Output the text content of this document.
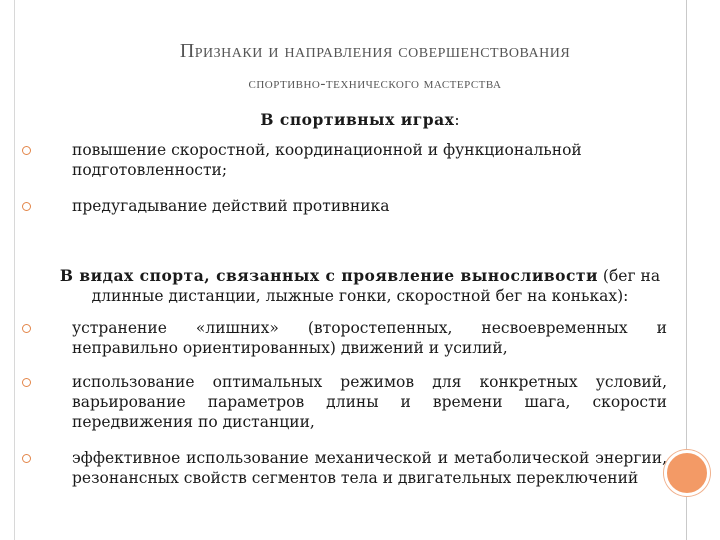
Признаки и направления совершенствования
спортивно-технического мастерства
В спортивных играх:
повышение скоростной, координационной и функциональной подготовленности;
предугадывание действий противника
В видах спорта, связанных с проявление выносливости (бег на длинные дистанции, лыжные гонки, скоростной бег на коньках):
устранение «лишних» (второстепенных, несвоевременных и неправильно ориентированных) движений и усилий,
использование оптимальных режимов для конкретных условий, варьирование параметров длины и времени шага, скорости передвижения по дистанции,
эффективное использование механической и метаболической энергии, резонансных свойств сегментов тела и двигательных переключений
